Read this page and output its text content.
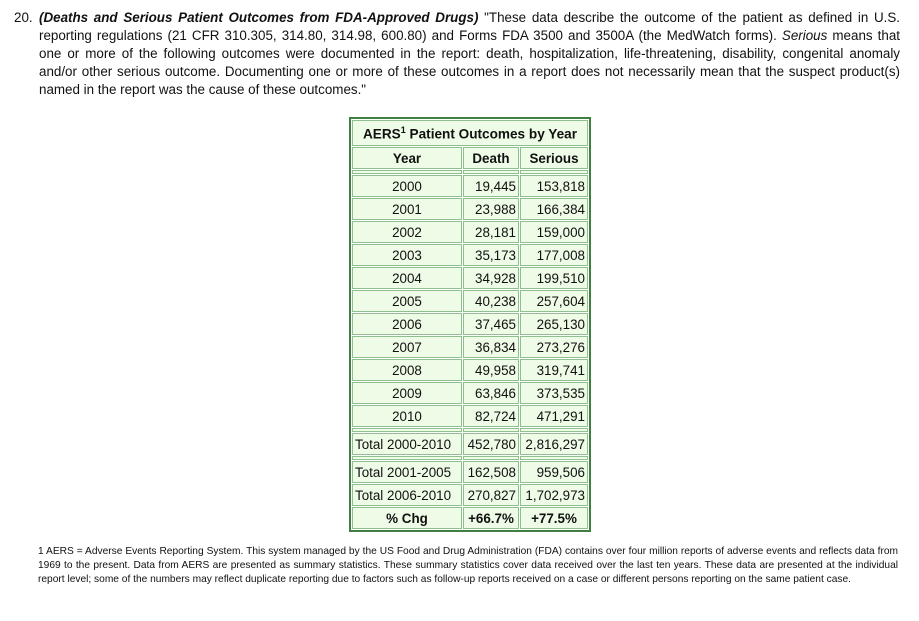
20. (Deaths and Serious Patient Outcomes from FDA-Approved Drugs) "These data describe the outcome of the patient as defined in U.S. reporting regulations (21 CFR 310.305, 314.80, 314.98, 600.80) and Forms FDA 3500 and 3500A (the MedWatch forms). Serious means that one or more of the following outcomes were documented in the report: death, hospitalization, life-threatening, disability, congenital anomaly and/or other serious outcome. Documenting one or more of these outcomes in a report does not necessarily mean that the suspect product(s) named in the report was the cause of these outcomes."
AERS$^1$ Patient Outcomes by Year		
Year	Death	Serious

2000	19,445	153,818
2001	23,988	166,384
2002	28,181	159,000
2003	35,173	177,008
2004	34,928	199,510
2005	40,238	257,604
2006	37,465	265,130
2007	36,834	273,276
2008	49,958	319,741
2009	63,846	373,535
2010	82,724	471,291

Total 2000-2010	452,780	2,816,297

Total 2001-2005	162,508	959,506
Total 2006-2010	270,827	1,702,973
% Chg	+66.7%	+77.5%
1 AERS = Adverse Events Reporting System. This system managed by the US Food and Drug Administration (FDA) contains over four million reports of adverse events and reflects data from 1969 to the present. Data from AERS are presented as summary statistics. These summary statistics cover data received over the last ten years. These data are presented at the individual report level; some of the numbers may reflect duplicate reporting due to factors such as follow-up reports received on a case or different persons reporting on the same patient case.
